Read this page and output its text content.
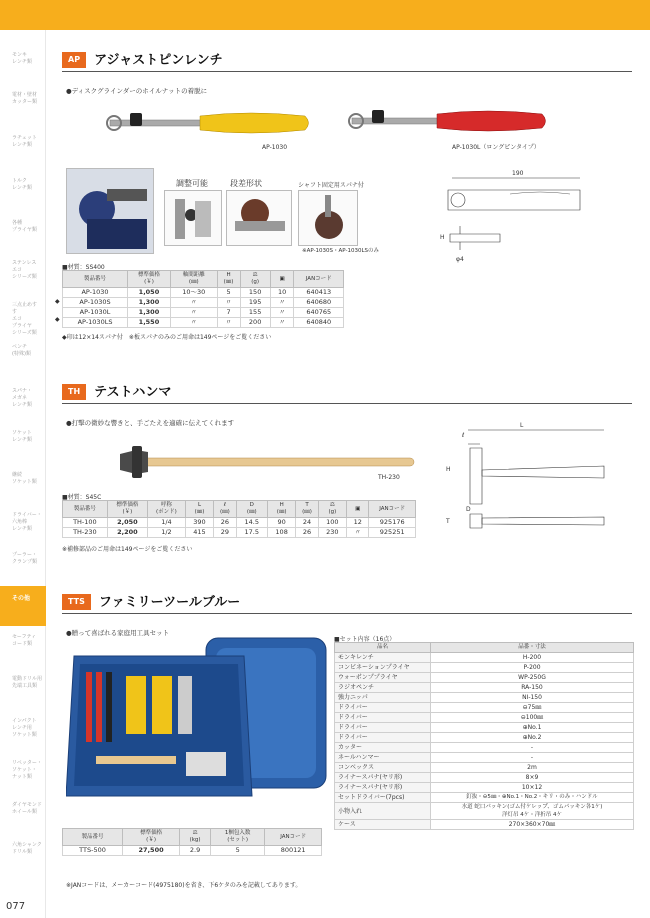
モンキ
レンチ類
電材・壁材
カッター類
ラチェット
レンチ類
トルク
レンチ類
各種
プライヤ類
ステンレス
エコ
シリーズ類
三点止めすす
エコ
プライヤ
シリーズ類
ペンチ
(特殊)類
スパナ・
メガネ
レンチ類
ソケット
レンチ類
継続
ソケット類
ドライバー・
六角棒
レンチ類
プーラー・
クランプ類
その他
セーフティ
コード類
電動ドリル用
先端工具類
インパクト
レンチ用
ソケット類
リペッター・
ソケット・
ナット類
ダイヤモンド
ホイール類
六角シャンク
ドリル類
077
AP	アジャストピンレンチ
●ディスクグラインダーのホイルナットの着脱に
AP-1030	AP-1030L（ロングピンタイプ）
調整可能	段差形状	シャフト固定用スパナ付
※AP-1030S・AP-1030LSのみ
190
H
φ4
■材質：SS400
◆
◆
製品番号	標準価格
(￥)	軸間距離
(㎜)	H
(㎜)	⚖
(g)	▣	JANコード
AP-1030	1,050	10～30	5	150	10	640413
AP-1030S	1,300	〃	〃	195	〃	640680
AP-1030L	1,300	〃	7	155	〃	640765
AP-1030LS	1,550	〃	〃	200	〃	640840
◆印は12×14スパナ付　※板スパナのみのご用命は149ページをご覧ください
TH	テストハンマ
●打撃の微妙な響きと、手ごたえを適確に伝えてくれます
TH-230
L
ℓ
H
D
T
■材質：S45C
製品番号	標準価格
(￥)	呼称
(ポンド)	L
(㎜)	ℓ
(㎜)	D
(㎜)	H
(㎜)	T
(㎜)	⚖
(g)	▣	JANコード
TH-100	2,050	1/4	390	26	14.5	90	24	100	12	925176
TH-230	2,200	1/2	415	29	17.5	108	26	230	〃	925251
※補修部品のご用命は149ページをご覧ください
TTS	ファミリーツールブルー
●贈って喜ばれる家庭用工具セット
■セット内容（16点）
品名	品番・寸法
モンキレンチ	H-200
コンビネーションプライヤ	P-200
ウォーポンププライヤ	WP-250G
ラジオペンチ	RA-150
強力ニッパ	NI-150
ドライバー	⊖75㎜
ドライバー	⊖100㎜
ドライバー	⊕No.1
ドライバー	⊕No.2
カッター	-
ネールハンマー	-
コンベックス	2m
ライナースパナ(ヤリ形)	8×9
ライナースパナ(ヤリ形)	10×12
セットドライバー(7pcs)	釘抜・⊖5㎜・⊕No.1・No.2・キリ・のみ・ハンドル
小物入れ	水道 蛇口パッキン(ゴム付ケレップ、ゴムパッキン各1ケ)
洋灯吊 4ケ・洋折吊 4ケ
ケース	270×360×70㎜
製品番号	標準価格
(￥)	⚖
(kg)	1梱包入数
(セット)	JANコード
TTS-500	27,500	2.9	5	800121
※JANコードは、メーカーコード(4975180)を省き、下6ケタのみを記載してあります。
